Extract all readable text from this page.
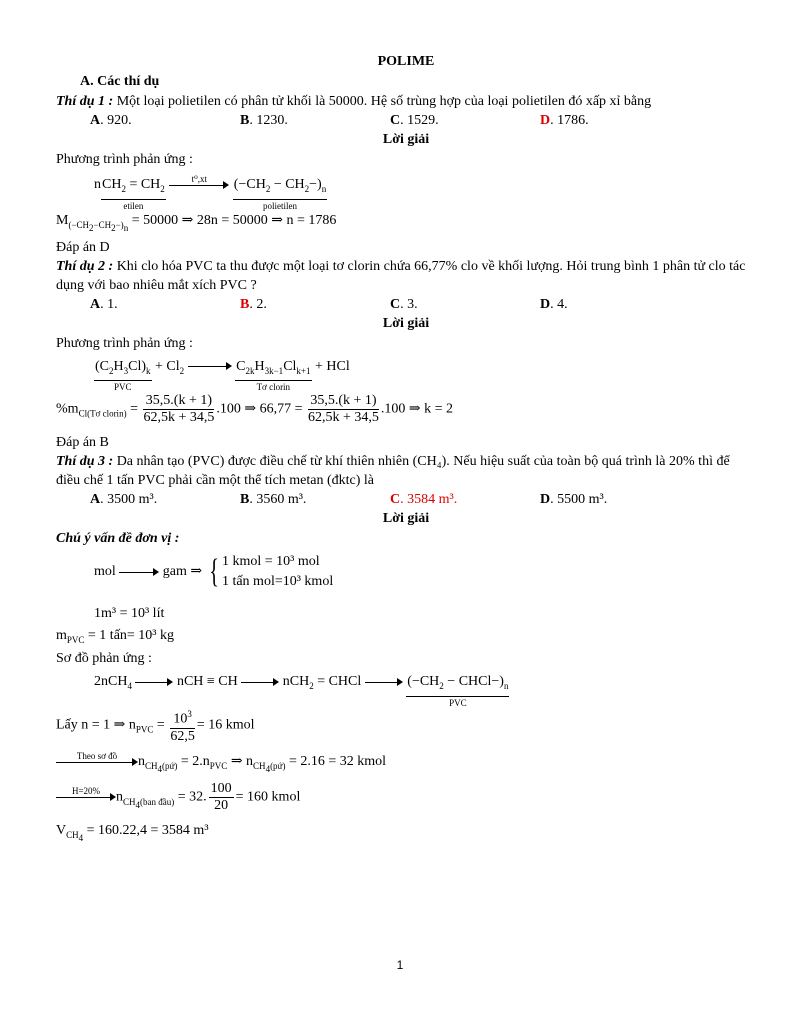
POLIME
A. Các thí dụ

Thí dụ 1 : Một loại polietilen có phân tử khối là 50000. Hệ số trùng hợp của loại polietilen đó xấp xỉ bằng

A. 920.	B. 1230.	C. 1529.	D. 1786.
Lời giải

Phương trình phản ứng :

n $CH_2 = CH_2$
etilen

t⁰,xt
	$(-CH_2 - CH_2-)_n$
polietilen

$M_{(-CH_2-CH_2-)_n} = 50000$ ⇒ 28n = 50000 ⇒ n = 1786

Đáp án D

Thí dụ 2 : Khi clo hóa PVC ta thu được một loại tơ clorin chứa 66,77% clo về khối lượng. Hỏi trung bình 1 phân tử clo tác dụng với bao nhiêu mắt xích PVC ?

A. 1.	B. 2.	C. 3.	D. 4.
Lời giải

Phương trình phản ứng :

$(C_2H_3Cl)_k$
PVC
+ $Cl_2$	$C_{2k}H_{3k-1}Cl_{k+1}$
Tơ clorin
+ HCl
$\%m_{Cl(Tơ clorin)} = \frac{35,5.(k + 1)}{62,5k + 34,5} .100$ ⇒ $66,77 = \frac{35,5.(k + 1)}{62,5k + 34,5} .100$ ⇒ k = 2

Đáp án B

Thí dụ 3 : Da nhân tạo (PVC) được điều chế từ khí thiên nhiên (CH₄). Nếu hiệu suất của toàn bộ quá trình là 20% thì để điều chế 1 tấn PVC phải cần một thể tích metan (đktc) là

A. 3500 m³.	B. 3560 m³.	C. 3584 m³.	D. 5500 m³.
Lời giải

Chú ý vấn đề đơn vị :

mol	gam ⇒ { 1 kmol = 10³ mol
1 tấn mol=10³ kmol
1m³ = 10³ lít
$m_{PVC} = 1$ tấn= 10³ kg

Sơ đồ phản ứng :

2nCH$_4$	nCH ≡ CH	nCH$_2$ = CHCl	($-CH_2$ − $CHCl-)_n$
PVC
Lấy n = 1 ⇒ $n_{PVC} = \frac{10^3}{62,5} = 16$ kmol
Theo sơ đồ	$n_{CH_4(pứ)} = 2.n_{PVC}$ ⇒ $n_{CH_4(pứ)} = 2.16 = 32$ kmol
H=20%	$n_{CH_4(ban đầu)} = 32$. $\frac{100}{20} = 160$ kmol
$V_{CH_4} = 160.22,4 = 3584$ m³
1
